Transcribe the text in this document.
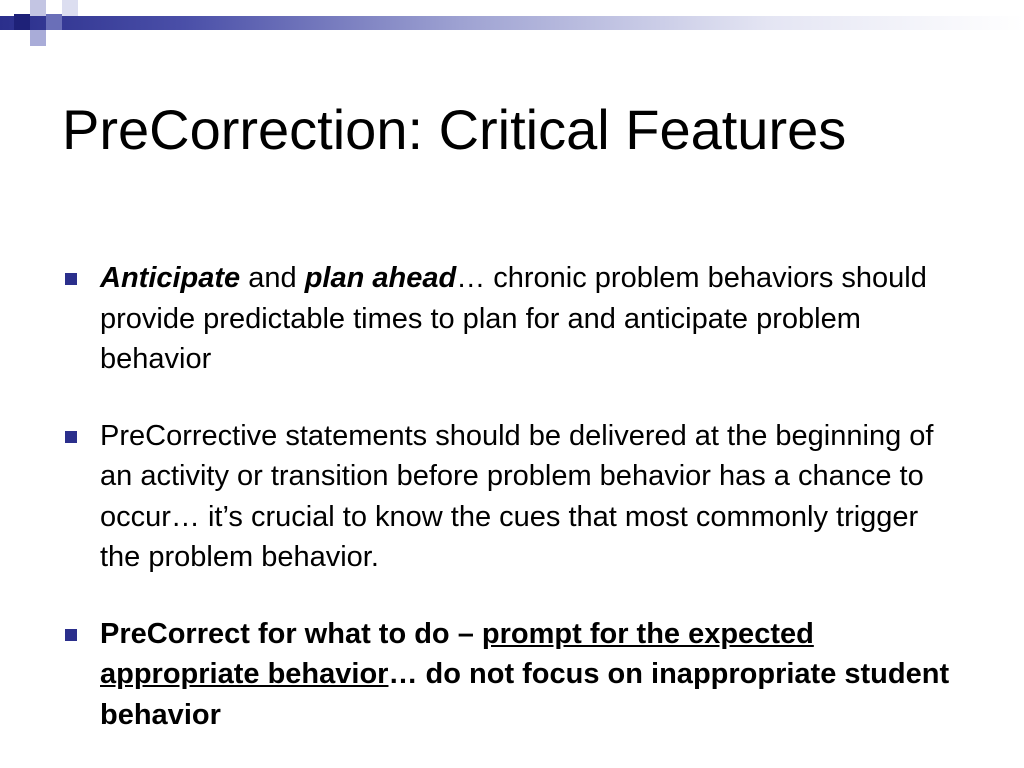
PreCorrection: Critical Features
Anticipate and plan ahead… chronic problem behaviors should provide predictable times to plan for and anticipate problem behavior
PreCorrective statements should be delivered at the beginning of an activity or transition before problem behavior has a chance to occur… it’s crucial to know the cues that most commonly trigger the problem behavior.
PreCorrect for what to do – prompt for the expected appropriate behavior… do not focus on inappropriate student behavior
